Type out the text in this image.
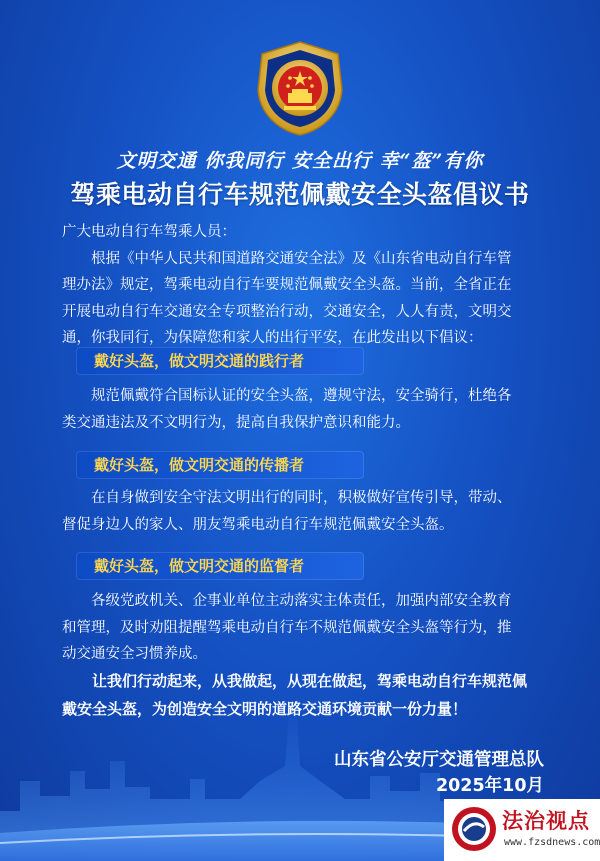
文明交通 你我同行 安全出行 幸“盔”有你
驾乘电动自行车规范佩戴安全头盔倡议书

广大电动自行车驾乘人员：

根据《中华人民共和国道路交通安全法》及《山东省电动自行车管

理办法》规定，驾乘电动自行车要规范佩戴安全头盔。当前，全省正在

开展电动自行车交通安全专项整治行动，交通安全，人人有责，文明交

通，你我同行，为保障您和家人的出行平安，在此发出以下倡议：

戴好头盔，做文明交通的践行者

规范佩戴符合国标认证的安全头盔，遵规守法，安全骑行，杜绝各

类交通违法及不文明行为，提高自我保护意识和能力。

戴好头盔，做文明交通的传播者

在自身做到安全守法文明出行的同时，积极做好宣传引导，带动、

督促身边人的家人、朋友驾乘电动自行车规范佩戴安全头盔。

戴好头盔，做文明交通的监督者

各级党政机关、企事业单位主动落实主体责任，加强内部安全教育

和管理，及时劝阻提醒驾乘电动自行车不规范佩戴安全头盔等行为，推

动交通安全习惯养成。

让我们行动起来，从我做起，从现在做起，驾乘电动自行车规范佩
戴安全头盔，为创造安全文明的道路交通环境贡献一份力量！
山东省公安厅交通管理总队
2025年10月
法治视点
www.fzsdnews.com
